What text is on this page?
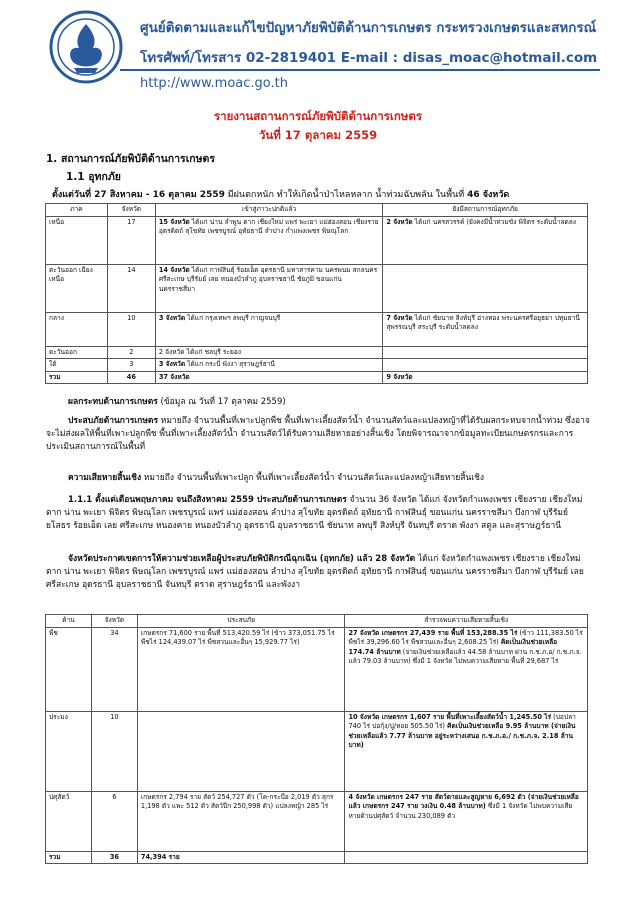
ศูนย์ติดตามและแก้ไขปัญหาภัยพิบัติด้านการเกษตร กระทรวงเกษตรและสหกรณ์
โทรศัพท์/โทรสาร 02-2819401 E-mail : disas_moac@hotmail.com
http://www.moac.go.th
รายงานสถานการณ์ภัยพิบัติด้านการเกษตร
วันที่ 17 ตุลาคม 2559
1. สถานการณ์ภัยพิบัติด้านการเกษตร
1.1 อุทกภัย
ตั้งแต่วันที่ 27 สิงหาคม - 16 ตุลาคม 2559 มีฝนตกหนัก ทำให้เกิดน้ำป่าไหลหลาก น้ำท่วมฉับพลัน ในพื้นที่ 46 จังหวัด
ภาค	จังหวัด	เข้าสู่ภาวะปกติแล้ว	ยังมีสถานการณ์อุทกภัย
เหนือ	17	15 จังหวัด ได้แก่ น่าน ลำพูน ตาก เชียงใหม่ แพร่ พะเยา แม่ฮ่องสอน เชียงราย อุตรดิตถ์ สุโขทัย เพชรบูรณ์ อุทัยธานี ลำปาง กำแพงเพชร พิษณุโลก	2 จังหวัด ได้แก่ นครสวรรค์ (ยังคงมีน้ำท่วมขัง พิจิตร ระดับน้ำลดลง
ตะวันออก เฉียงเหนือ	14	14 จังหวัด ได้แก่ กาฬสินธุ์ ร้อยเอ็ด อุดรธานี มหาสารคาม นครพนม สกลนคร ศรีสะเกษ บุรีรัมย์ เลย หนองบัวลำภู อุบลราชธานี ชัยภูมิ ขอนแก่น นครราชสีมา	
กลาง	10	3 จังหวัด ได้แก่ กรุงเทพฯ ลพบุรี กาญจนบุรี	7 จังหวัด ได้แก่ ชัยนาท สิงห์บุรี อ่างทอง พระนครศรีอยุธยา ปทุมธานี สุพรรณบุรี สระบุรี ระดับน้ำลดลง
ตะวันออก	2	2 จังหวัด ได้แก่ ชลบุรี ระยอง	
ใต้	3	3 จังหวัด ได้แก่ กระบี่ พังงา สุราษฎร์ธานี	
รวม	46	37 จังหวัด	9 จังหวัด
ผลกระทบด้านการเกษตร (ข้อมูล ณ วันที่ 17 ตุลาคม 2559)
ประสบภัยด้านการเกษตร หมายถึง จำนวนพื้นที่เพาะปลูกพืช พื้นที่เพาะเลี้ยงสัตว์น้ำ จำนวนสัตว์และแปลงหญ้าที่ได้รับผลกระทบจากน้ำท่วม ซึ่งอาจจะไม่ส่งผลให้พื้นที่เพาะปลูกพืช พื้นที่เพาะเลี้ยงสัตว์น้ำ จำนวนสัตว์ได้รับความเสียหายอย่างสิ้นเชิง โดยพิจารณาจากข้อมูลทะเบียนเกษตรกรและการประเมินสถานการณ์ในพื้นที่
ความเสียหายสิ้นเชิง หมายถึง จำนวนพื้นที่เพาะปลูก พื้นที่เพาะเลี้ยงสัตว์น้ำ จำนวนสัตว์และแปลงหญ้าเสียหายสิ้นเชิง
1.1.1 ตั้งแต่เดือนพฤษภาคม จนถึงสิงหาคม 2559 ประสบภัยด้านการเกษตร จำนวน 36 จังหวัด ได้แก่ จังหวัดกำแพงเพชร เชียงราย เชียงใหม่ ตาก น่าน พะเยา พิจิตร พิษณุโลก เพชรบูรณ์ แพร่ แม่ฮ่องสอน ลำปาง สุโขทัย อุตรดิตถ์ อุทัยธานี กาฬสินธุ์ ขอนแก่น นครราชสีมา บึงกาฬ บุรีรัมย์ ยโสธร ร้อยเอ็ด เลย ศรีสะเกษ หนองคาย หนองบัวลำภู อุดรธานี อุบลราชธานี ชัยนาท ลพบุรี สิงห์บุรี จันทบุรี ตราด พังงา สตูล และสุราษฎร์ธานี
จังหวัดประกาศเขตการให้ความช่วยเหลือผู้ประสบภัยพิบัติกรณีฉุกเฉิน (อุทกภัย) แล้ว 28 จังหวัด ได้แก่ จังหวัดกำแพงเพชร เชียงราย เชียงใหม่ ตาก น่าน พะเยา พิจิตร พิษณุโลก เพชรบูรณ์ แพร่ แม่ฮ่องสอน ลำปาง สุโขทัย อุตรดิตถ์ อุทัยธานี กาฬสินธุ์ ขอนแก่น นครราชสีมา บึงกาฬ บุรีรัมย์ เลย ศรีสะเกษ อุดรธานี อุบลราชธานี จันทบุรี ตราด สุราษฎร์ธานี และพังงา
ด้าน	จังหวัด	ประสบภัย	สำรวจพบความเสียหายสิ้นเชิง
พืช	34	เกษตรกร 71,600 ราย พื้นที่ 513,420.59 ไร่ (ข้าว 373,051.75 ไร่ พืชไร่ 124,439.07 ไร่ พืชสวนและอื่นๆ 15,929.77 ไร่)	27 จังหวัด เกษตรกร 27,439 ราย พื้นที่ 153,288.35 ไร่ (ข้าว 111,383.50 ไร่ พืชไร่ 39,296.60 ไร่ พืชสวนและอื่นๆ 2,608.25 ไร่) คิดเป็นเงินช่วยเหลือ 174.74 ล้านบาท (จ่ายเงินช่วยเหลือแล้ว 44.58 ล้านบาท ผ่าน ก.ช.ภ.อ/ ก.ช.ภ.จ. แล้ว 79.03 ล้านบาท) ซึ่งมี 1 จังหวัด ไม่พบความเสียหาย พื้นที่ 29,687 ไร่
ประมง	10		10 จังหวัด เกษตรกร 1,607 ราย พื้นที่เพาะเลี้ยงสัตว์น้ำ 1,245.50 ไร่ (บ่อปลา 740 ไร่ บ่อกุ้ง/ปู/หอย 505.50 ไร่) คิดเป็นเงินช่วยเหลือ 9.95 ล้านบาท (จ่ายเงินช่วยเหลือแล้ว 7.77 ล้านบาท อยู่ระหว่างเสนอ ก.ช.ภ.อ./ ก.ช.ภ.จ. 2.18 ล้านบาท)
ปศุสัตว์	6	เกษตรกร 2,794 ราย สัตว์ 254,727 ตัว (โค-กระบือ 2,019 ตัว สุกร 1,198 ตัว แพะ 512 ตัว สัตว์ปีก 250,998 ตัว) แปลงหญ้า 285 ไร่	4 จังหวัด เกษตรกร 247 ราย สัตว์ตายและสูญหาย 6,692 ตัว (จ่ายเงินช่วยเหลือแล้ว เกษตรกร 247 ราย วงเงิน 0.48 ล้านบาท) ซึ่งมี 1 จังหวัด ไม่พบความเสียหายด้านปศุสัตว์ จำนวน 230,089 ตัว
รวม	36	74,394 ราย	
